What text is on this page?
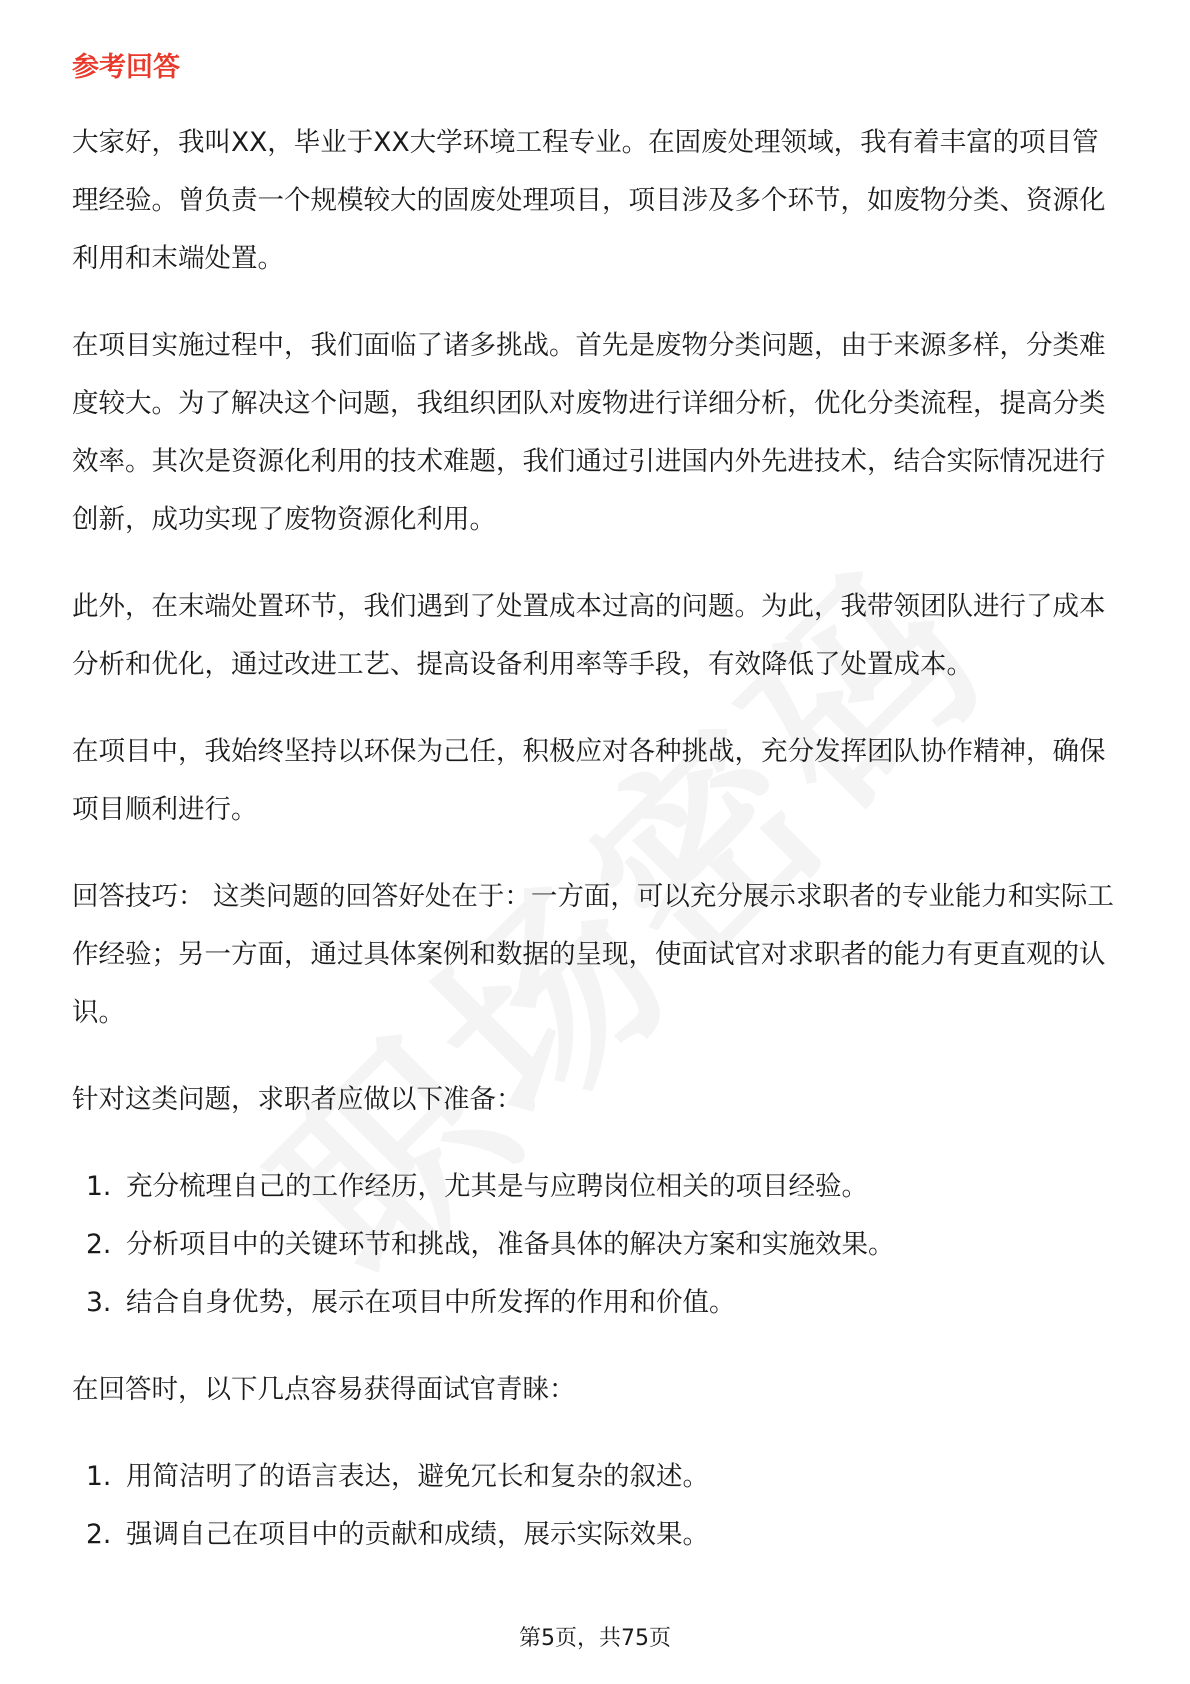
参考回答

大家好，我叫XX，毕业于XX大学环境工程专业。在固废处理领域，我有着丰富的项目管理经验。曾负责一个规模较大的固废处理项目，项目涉及多个环节，如废物分类、资源化利用和末端处置。

在项目实施过程中，我们面临了诸多挑战。首先是废物分类问题，由于来源多样，分类难度较大。为了解决这个问题，我组织团队对废物进行详细分析，优化分类流程，提高分类效率。其次是资源化利用的技术难题，我们通过引进国内外先进技术，结合实际情况进行创新，成功实现了废物资源化利用。

此外，在末端处置环节，我们遇到了处置成本过高的问题。为此，我带领团队进行了成本分析和优化，通过改进工艺、提高设备利用率等手段，有效降低了处置成本。

在项目中，我始终坚持以环保为己任，积极应对各种挑战，充分发挥团队协作精神，确保项目顺利进行。

回答技巧： 这类问题的回答好处在于：一方面，可以充分展示求职者的专业能力和实际工作经验；另一方面，通过具体案例和数据的呈现，使面试官对求职者的能力有更直观的认识。

针对这类问题，求职者应做以下准备：

1. 充分梳理自己的工作经历，尤其是与应聘岗位相关的项目经验。
2. 分析项目中的关键环节和挑战，准备具体的解决方案和实施效果。
3. 结合自身优势，展示在项目中所发挥的作用和价值。

在回答时，以下几点容易获得面试官青睐：

1. 用简洁明了的语言表达，避免冗长和复杂的叙述。
2. 强调自己在项目中的贡献和成绩，展示实际效果。
第5页，共75页
